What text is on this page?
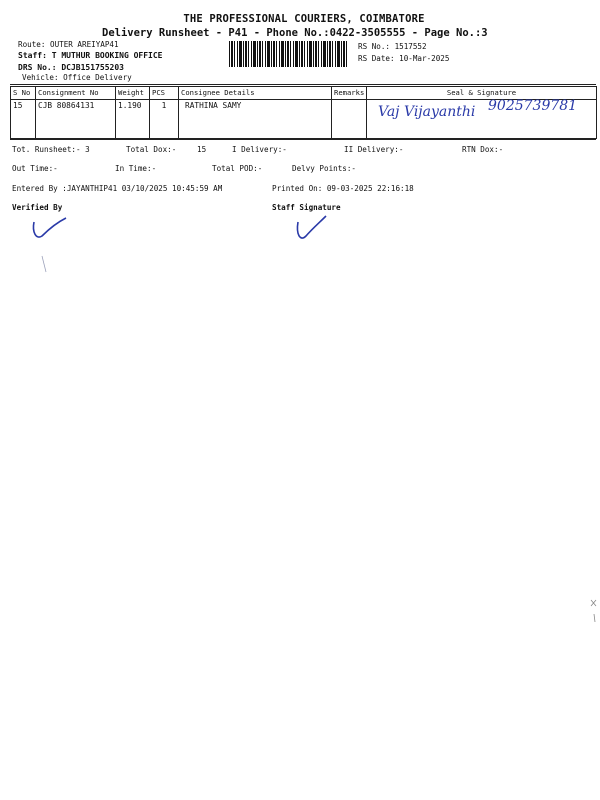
THE PROFESSIONAL COURIERS, COIMBATORE
Delivery Runsheet - P41 - Phone No.:0422-3505555 - Page No.:3
Route: OUTER AREIYAP41
Staff: T MUTHUR BOOKING OFFICE
DRS No.: DCJB151755203
Vehicle: Office Delivery
RS No.: 1517552
RS Date: 10-Mar-2025
S No	Consignment No	Weight	PCS	Consignee Details	Remarks	Seal & Signature
15	CJB 80864131	1.190	1	RATHINA SAMY			Vaj Vijayanthi 9025739781
Tot. Runsheet:- 3	Total Dox:-	15	I Delivery:-	II Delivery:-	RTN Dox:-
Out Time:-	In Time:-	Total POD:-	Delvy Points:-
Entered By :JAYANTHIP41 03/10/2025 10:45:59 AM	Printed On: 09-03-2025 22:16:18
Verified By	Staff Signature
